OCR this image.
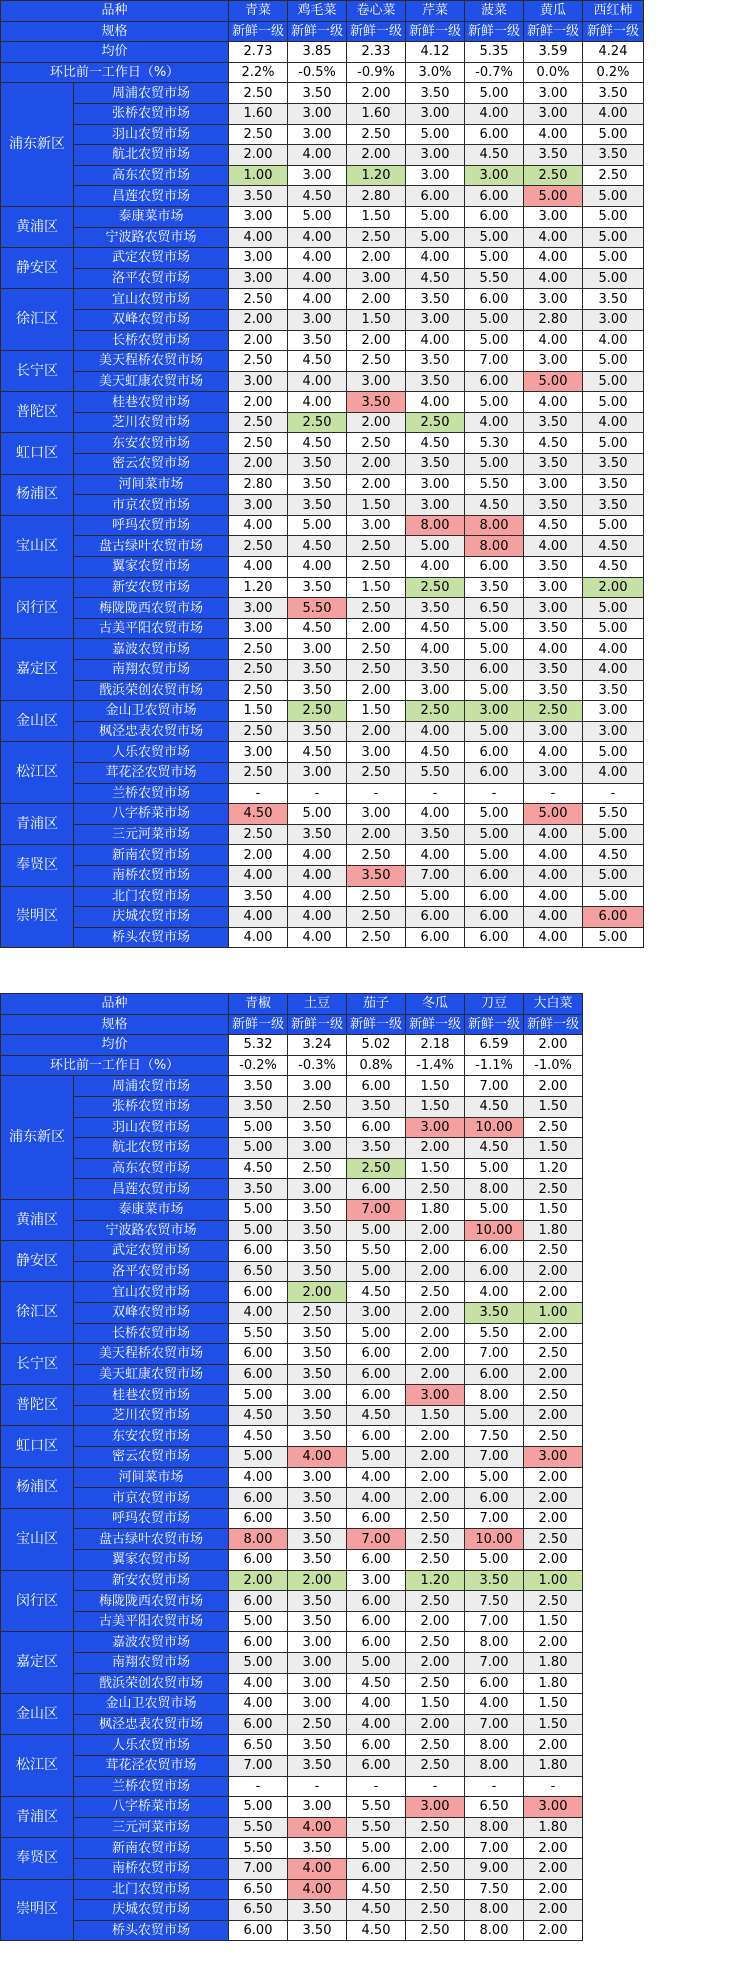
品种		青菜	鸡毛菜	卷心菜	芹菜	菠菜	黄瓜	西红柿
规格		新鲜一级	新鲜一级	新鲜一级	新鲜一级	新鲜一级	新鲜一级	新鲜一级
均价		2.73	3.85	2.33	4.12	5.35	3.59	4.24
环比前一工作日（%）		2.2%	-0.5%	-0.9%	3.0%	-0.7%	0.0%	0.2%
浦东新区	周浦农贸市场	2.50	3.50	2.00	3.50	5.00	3.00	3.50
	张桥农贸市场	1.60	3.00	1.60	3.00	4.00	3.00	4.00
	羽山农贸市场	2.50	3.00	2.50	5.00	6.00	4.00	5.00
	航北农贸市场	2.00	4.00	2.00	3.00	4.50	3.50	3.50
	高东农贸市场	1.00	3.00	1.20	3.00	3.00	2.50	2.50
	昌莲农贸市场	3.50	4.50	2.80	6.00	6.00	5.00	5.00
黄浦区	泰康菜市场	3.00	5.00	1.50	5.00	6.00	3.00	5.00
	宁波路农贸市场	4.00	4.00	2.50	5.00	5.00	4.00	5.00
静安区	武定农贸市场	3.00	4.00	2.00	4.00	5.00	4.00	5.00
	洛平农贸市场	3.00	4.00	3.00	4.50	5.50	4.00	5.00
徐汇区	宜山农贸市场	2.50	4.00	2.00	3.50	6.00	3.00	3.50
	双峰农贸市场	2.00	3.00	1.50	3.00	5.00	2.80	3.00
	长桥农贸市场	2.00	3.50	2.00	4.00	5.00	4.00	4.00
长宁区	美天程桥农贸市场	2.50	4.50	2.50	3.50	7.00	3.00	5.00
	美天虹康农贸市场	3.00	4.00	3.00	3.50	6.00	5.00	5.00
普陀区	桂巷农贸市场	2.00	4.00	3.50	4.00	5.00	4.00	5.00
	芝川农贸市场	2.50	2.50	2.00	2.50	4.00	3.50	4.00
虹口区	东安农贸市场	2.50	4.50	2.50	4.50	5.30	4.50	5.00
	密云农贸市场	2.00	3.50	2.00	3.50	5.00	3.50	3.50
杨浦区	河间菜市场	2.80	3.50	2.00	3.00	5.50	3.00	3.50
	市京农贸市场	3.00	3.50	1.50	3.00	4.50	3.50	3.50
宝山区	呼玛农贸市场	4.00	5.00	3.00	8.00	8.00	4.50	5.00
	盘古绿叶农贸市场	2.50	4.50	2.50	5.00	8.00	4.00	4.50
	翼家农贸市场	4.00	4.00	2.50	4.00	6.00	3.50	4.50
闵行区	新安农贸市场	1.20	3.50	1.50	2.50	3.50	3.00	2.00
	梅陇陇西农贸市场	3.00	5.50	2.50	3.50	6.50	3.00	5.00
	古美平阳农贸市场	3.00	4.50	2.00	4.50	5.00	3.50	5.00
嘉定区	嘉波农贸市场	2.50	3.00	2.50	4.00	5.00	4.00	4.00
	南翔农贸市场	2.50	3.50	2.50	3.50	6.00	3.50	4.00
	戬浜荣创农贸市场	2.50	3.50	2.00	3.00	5.00	3.50	3.50
金山区	金山卫农贸市场	1.50	2.50	1.50	2.50	3.00	2.50	3.00
	枫泾忠表农贸市场	2.50	3.50	2.00	4.00	5.00	3.00	3.00
松江区	人乐农贸市场	3.00	4.50	3.00	4.50	6.00	4.00	5.00
	茸花泾农贸市场	2.50	3.00	2.50	5.50	6.00	3.00	4.00
	兰桥农贸市场	-	-	-	-	-	-	-
青浦区	八字桥菜市场	4.50	5.00	3.00	4.00	5.00	5.00	5.50
	三元河菜市场	2.50	3.50	2.00	3.50	5.00	4.00	5.00
奉贤区	新南农贸市场	2.00	4.00	2.50	4.00	5.00	4.00	4.50
	南桥农贸市场	4.00	4.00	3.50	7.00	6.00	4.00	5.00
崇明区	北门农贸市场	3.50	4.00	2.50	5.00	6.00	4.00	5.00
	庆城农贸市场	4.00	4.00	2.50	6.00	6.00	4.00	6.00
	桥头农贸市场	4.00	4.00	2.50	6.00	6.00	4.00	5.00
品种		青椒	土豆	茄子	冬瓜	刀豆	大白菜
规格		新鲜一级	新鲜一级	新鲜一级	新鲜一级	新鲜一级	新鲜一级
均价		5.32	3.24	5.02	2.18	6.59	2.00
环比前一工作日（%）		-0.2%	-0.3%	0.8%	-1.4%	-1.1%	-1.0%
浦东新区	周浦农贸市场	3.50	3.00	6.00	1.50	7.00	2.00
	张桥农贸市场	3.50	2.50	3.50	1.50	4.50	1.50
	羽山农贸市场	5.00	3.50	6.00	3.00	10.00	2.50
	航北农贸市场	5.00	3.00	3.50	2.00	4.50	1.50
	高东农贸市场	4.50	2.50	2.50	1.50	5.00	1.20
	昌莲农贸市场	3.50	3.00	6.00	2.50	8.00	2.50
黄浦区	泰康菜市场	5.00	3.50	7.00	1.80	5.00	1.50
	宁波路农贸市场	5.00	3.50	5.00	2.00	10.00	1.80
静安区	武定农贸市场	6.00	3.50	5.50	2.00	6.00	2.50
	洛平农贸市场	6.50	3.50	5.00	2.00	6.00	2.00
徐汇区	宜山农贸市场	6.00	2.00	4.50	2.50	4.00	2.00
	双峰农贸市场	4.00	2.50	3.00	2.00	3.50	1.00
	长桥农贸市场	5.50	3.50	5.00	2.00	5.50	2.00
长宁区	美天程桥农贸市场	6.00	3.50	6.00	2.00	7.00	2.50
	美天虹康农贸市场	6.00	3.50	6.00	2.00	6.00	2.00
普陀区	桂巷农贸市场	5.00	3.00	6.00	3.00	8.00	2.50
	芝川农贸市场	4.50	3.50	4.50	1.50	5.00	2.00
虹口区	东安农贸市场	4.50	3.50	6.00	2.00	7.50	2.50
	密云农贸市场	5.00	4.00	5.00	2.00	7.00	3.00
杨浦区	河间菜市场	4.00	3.00	4.00	2.00	5.00	2.00
	市京农贸市场	6.00	3.50	4.00	2.00	6.00	2.00
宝山区	呼玛农贸市场	6.00	3.50	6.00	2.50	7.00	2.00
	盘古绿叶农贸市场	8.00	3.50	7.00	2.50	10.00	2.50
	翼家农贸市场	6.00	3.50	6.00	2.50	5.00	2.00
闵行区	新安农贸市场	2.00	2.00	3.00	1.20	3.50	1.00
	梅陇陇西农贸市场	6.00	3.50	6.00	2.50	7.50	2.50
	古美平阳农贸市场	5.00	3.50	6.00	2.00	7.00	1.50
嘉定区	嘉波农贸市场	6.00	3.00	6.00	2.50	8.00	2.00
	南翔农贸市场	5.00	3.00	5.00	2.00	7.00	1.80
	戬浜荣创农贸市场	4.00	3.00	4.50	2.50	6.00	1.80
金山区	金山卫农贸市场	4.00	3.00	4.00	1.50	4.00	1.50
	枫泾忠表农贸市场	6.00	2.50	4.00	2.00	7.00	1.50
松江区	人乐农贸市场	6.50	3.50	6.00	2.50	8.00	2.00
	茸花泾农贸市场	7.00	3.50	6.00	2.50	8.00	1.80
	兰桥农贸市场	-	-	-	-	-	-
青浦区	八字桥菜市场	5.00	3.00	5.50	3.00	6.50	3.00
	三元河菜市场	5.50	4.00	5.50	2.50	8.00	1.80
奉贤区	新南农贸市场	5.50	3.50	5.00	2.00	7.00	2.00
	南桥农贸市场	7.00	4.00	6.00	2.50	9.00	2.00
崇明区	北门农贸市场	6.50	4.00	4.50	2.50	7.50	2.00
	庆城农贸市场	6.50	3.50	4.50	2.50	8.00	2.00
	桥头农贸市场	6.00	3.50	4.50	2.50	8.00	2.00
